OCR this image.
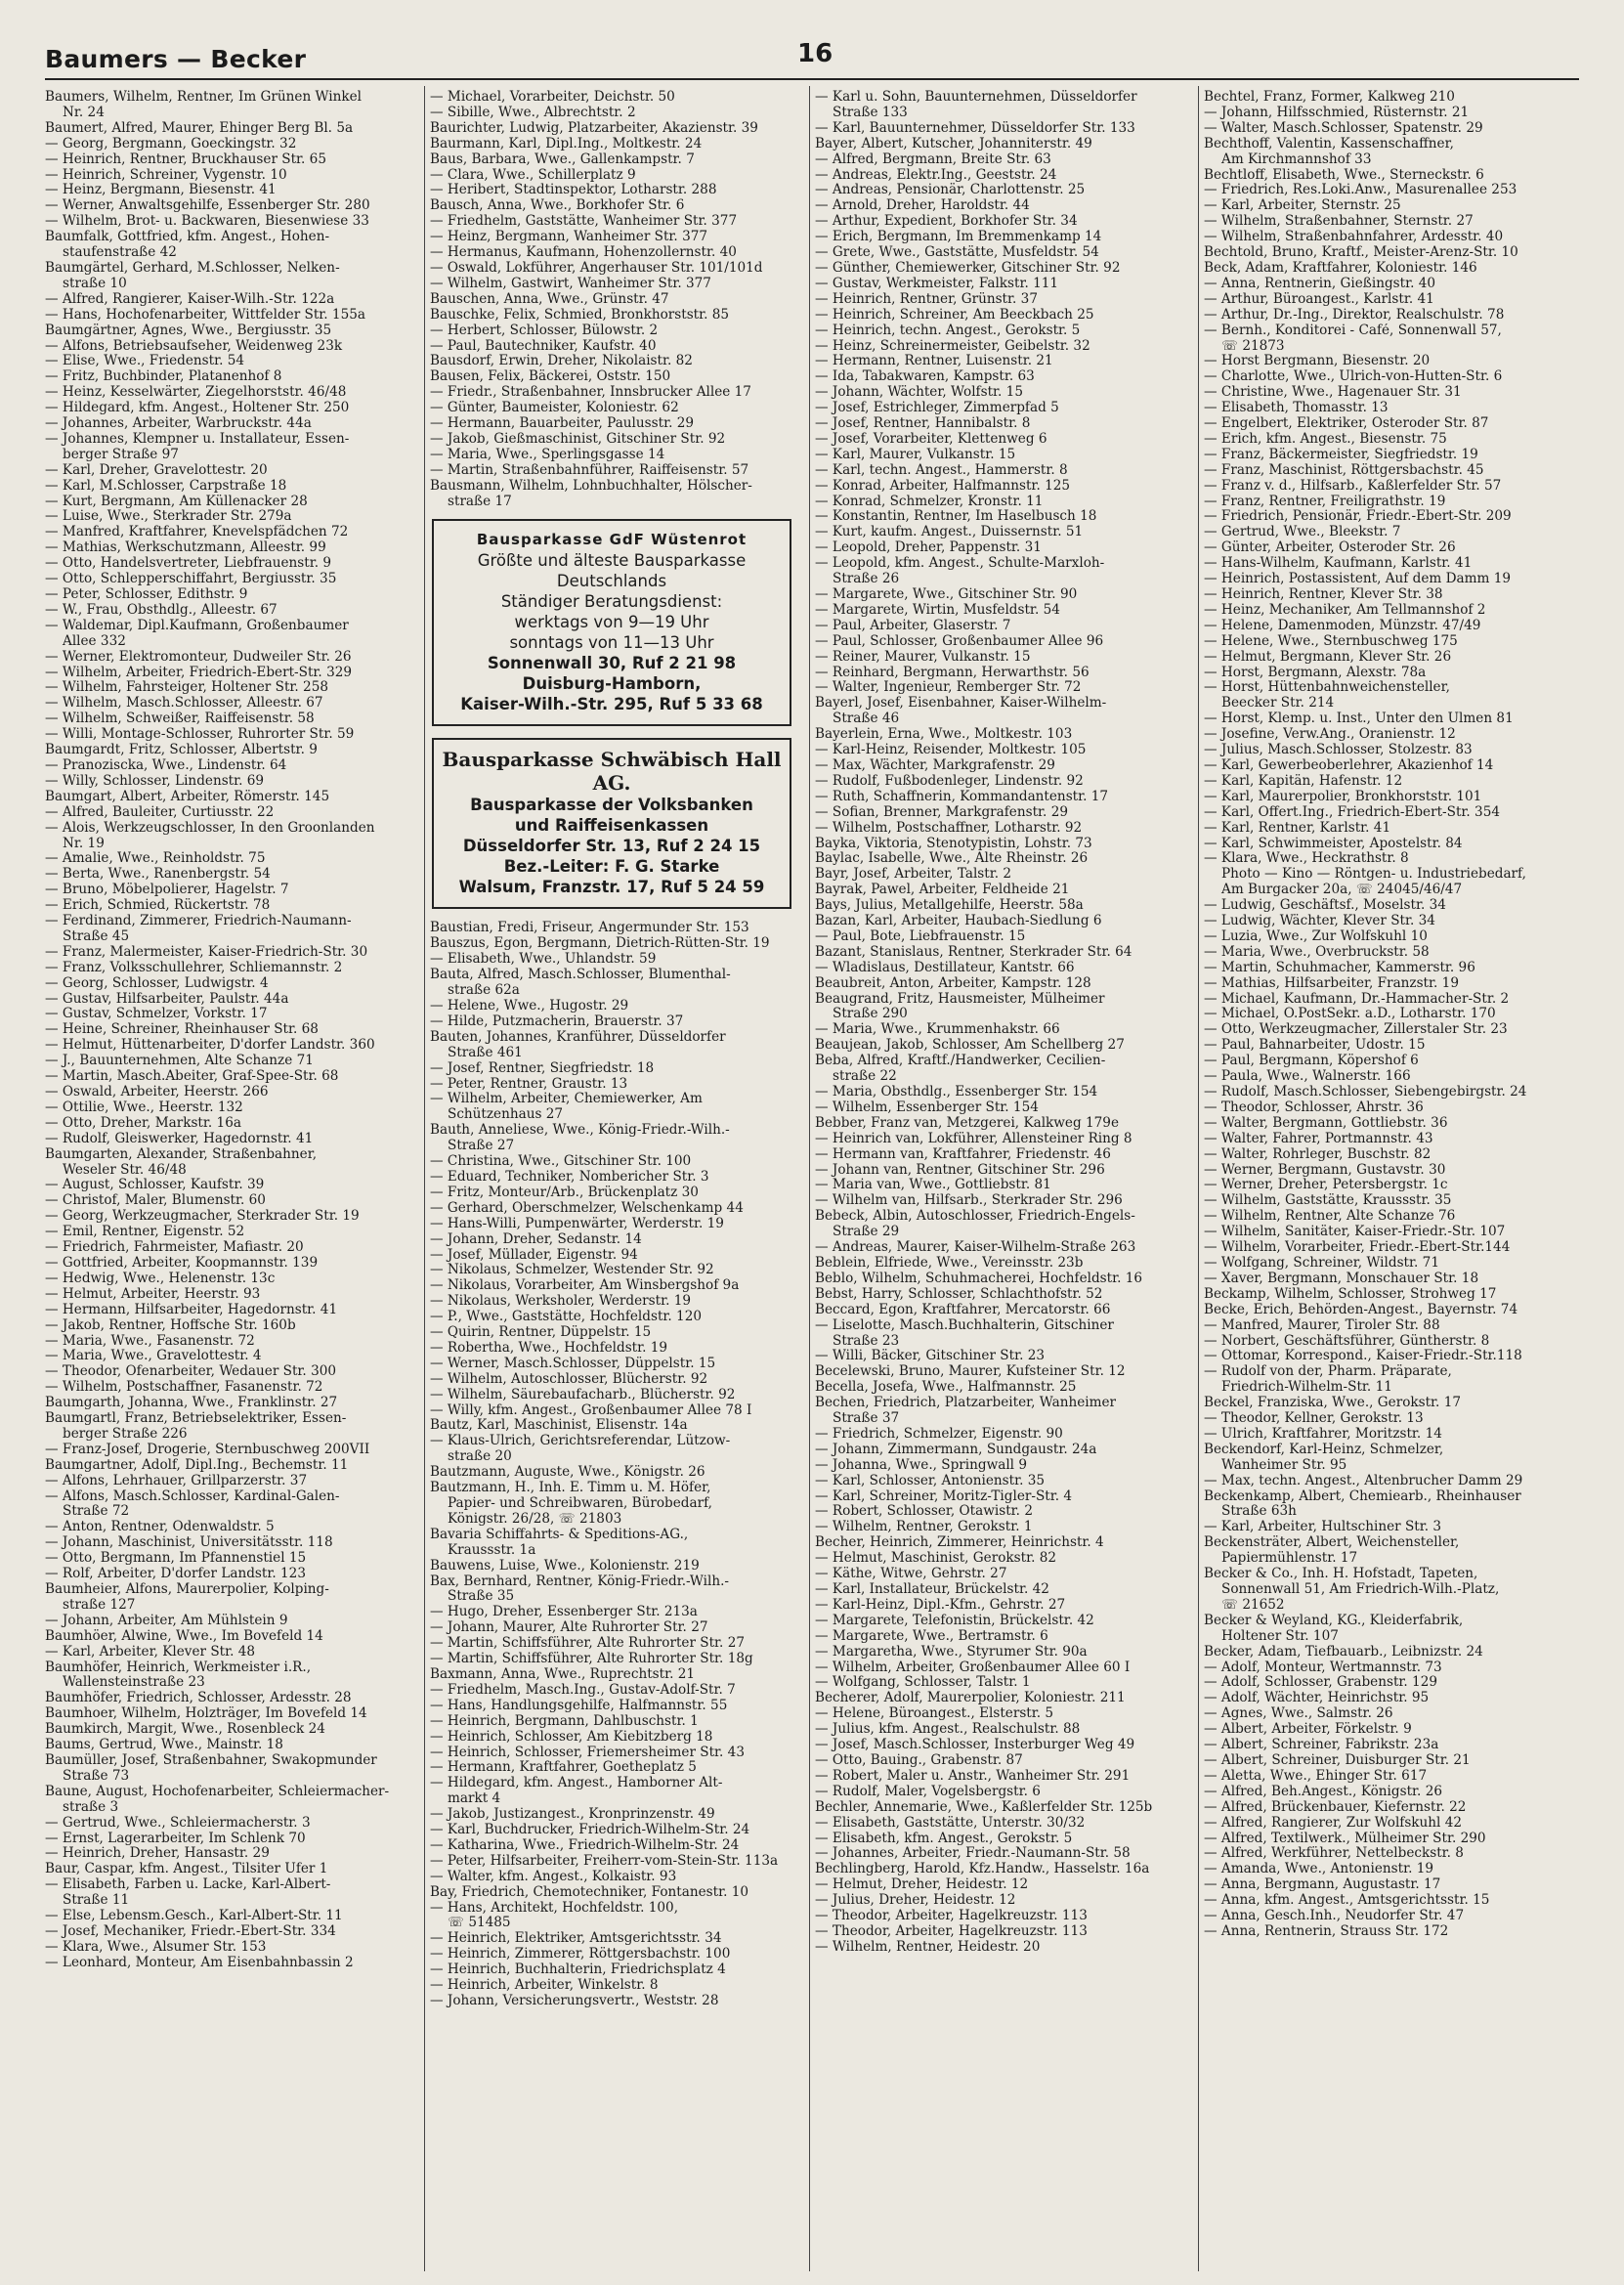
Baumers — Becker	16
Baumers, Wilhelm, Rentner, Im Grünen Winkel
Nr. 24
Baumert, Alfred, Maurer, Ehinger Berg Bl. 5a
— Georg, Bergmann, Goeckingstr. 32
— Heinrich, Rentner, Bruckhauser Str. 65
— Heinrich, Schreiner, Vygenstr. 10
— Heinz, Bergmann, Biesenstr. 41
— Werner, Anwaltsgehilfe, Essenberger Str. 280
— Wilhelm, Brot- u. Backwaren, Biesenwiese 33
Baumfalk, Gottfried, kfm. Angest., Hohen-
staufenstraße 42
Baumgärtel, Gerhard, M.Schlosser, Nelken-
straße 10
— Alfred, Rangierer, Kaiser-Wilh.-Str. 122a
— Hans, Hochofenarbeiter, Wittfelder Str. 155a
Baumgärtner, Agnes, Wwe., Bergiusstr. 35
— Alfons, Betriebsaufseher, Weidenweg 23k
— Elise, Wwe., Friedenstr. 54
— Fritz, Buchbinder, Platanenhof 8
— Heinz, Kesselwärter, Ziegelhorststr. 46/48
— Hildegard, kfm. Angest., Holtener Str. 250
— Johannes, Arbeiter, Warbruckstr. 44a
— Johannes, Klempner u. Installateur, Essen-
berger Straße 97
— Karl, Dreher, Gravelottestr. 20
— Karl, M.Schlosser, Carpstraße 18
— Kurt, Bergmann, Am Küllenacker 28
— Luise, Wwe., Sterkrader Str. 279a
— Manfred, Kraftfahrer, Knevelspfädchen 72
— Mathias, Werkschutzmann, Alleestr. 99
— Otto, Handelsvertreter, Liebfrauenstr. 9
— Otto, Schlepperschiffahrt, Bergiusstr. 35
— Peter, Schlosser, Edithstr. 9
— W., Frau, Obsthdlg., Alleestr. 67
— Waldemar, Dipl.Kaufmann, Großenbaumer
Allee 332
— Werner, Elektromonteur, Dudweiler Str. 26
— Wilhelm, Arbeiter, Friedrich-Ebert-Str. 329
— Wilhelm, Fahrsteiger, Holtener Str. 258
— Wilhelm, Masch.Schlosser, Alleestr. 67
— Wilhelm, Schweißer, Raiffeisenstr. 58
— Willi, Montage-Schlosser, Ruhrorter Str. 59
Baumgardt, Fritz, Schlosser, Albertstr. 9
— Pranoziscka, Wwe., Lindenstr. 64
— Willy, Schlosser, Lindenstr. 69
Baumgart, Albert, Arbeiter, Römerstr. 145
— Alfred, Bauleiter, Curtiusstr. 22
— Alois, Werkzeugschlosser, In den Groonlanden
Nr. 19
— Amalie, Wwe., Reinholdstr. 75
— Berta, Wwe., Ranenbergstr. 54
— Bruno, Möbelpolierer, Hagelstr. 7
— Erich, Schmied, Rückertstr. 78
— Ferdinand, Zimmerer, Friedrich-Naumann-
Straße 45
— Franz, Malermeister, Kaiser-Friedrich-Str. 30
— Franz, Volksschullehrer, Schliemannstr. 2
— Georg, Schlosser, Ludwigstr. 4
— Gustav, Hilfsarbeiter, Paulstr. 44a
— Gustav, Schmelzer, Vorkstr. 17
— Heine, Schreiner, Rheinhauser Str. 68
— Helmut, Hüttenarbeiter, D'dorfer Landstr. 360
— J., Bauunternehmen, Alte Schanze 71
— Martin, Masch.Abeiter, Graf-Spee-Str. 68
— Oswald, Arbeiter, Heerstr. 266
— Ottilie, Wwe., Heerstr. 132
— Otto, Dreher, Markstr. 16a
— Rudolf, Gleiswerker, Hagedornstr. 41
Baumgarten, Alexander, Straßenbahner,
Weseler Str. 46/48
— August, Schlosser, Kaufstr. 39
— Christof, Maler, Blumenstr. 60
— Georg, Werkzeugmacher, Sterkrader Str. 19
— Emil, Rentner, Eigenstr. 52
— Friedrich, Fahrmeister, Mafiastr. 20
— Gottfried, Arbeiter, Koopmannstr. 139
— Hedwig, Wwe., Helenenstr. 13c
— Helmut, Arbeiter, Heerstr. 93
— Hermann, Hilfsarbeiter, Hagedornstr. 41
— Jakob, Rentner, Hoffsche Str. 160b
— Maria, Wwe., Fasanenstr. 72
— Maria, Wwe., Gravelottestr. 4
— Theodor, Ofenarbeiter, Wedauer Str. 300
— Wilhelm, Postschaffner, Fasanenstr. 72
Baumgarth, Johanna, Wwe., Franklinstr. 27
Baumgartl, Franz, Betriebselektriker, Essen-
berger Straße 226
— Franz-Josef, Drogerie, Sternbuschweg 200VII
Baumgartner, Adolf, Dipl.Ing., Bechemstr. 11
— Alfons, Lehrhauer, Grillparzerstr. 37
— Alfons, Masch.Schlosser, Kardinal-Galen-
Straße 72
— Anton, Rentner, Odenwaldstr. 5
— Johann, Maschinist, Universitätsstr. 118
— Otto, Bergmann, Im Pfannenstiel 15
— Rolf, Arbeiter, D'dorfer Landstr. 123
Baumheier, Alfons, Maurerpolier, Kolping-
straße 127
— Johann, Arbeiter, Am Mühlstein 9
Baumhöer, Alwine, Wwe., Im Bovefeld 14
— Karl, Arbeiter, Klever Str. 48
Baumhöfer, Heinrich, Werkmeister i.R.,
Wallensteinstraße 23
Baumhöfer, Friedrich, Schlosser, Ardesstr. 28
Baumhoer, Wilhelm, Holzträger, Im Bovefeld 14
Baumkirch, Margit, Wwe., Rosenbleck 24
Baums, Gertrud, Wwe., Mainstr. 18
Baumüller, Josef, Straßenbahner, Swakopmunder
Straße 73
Baune, August, Hochofenarbeiter, Schleiermacher-
straße 3
— Gertrud, Wwe., Schleiermacherstr. 3
— Ernst, Lagerarbeiter, Im Schlenk 70
— Heinrich, Dreher, Hansastr. 29
Baur, Caspar, kfm. Angest., Tilsiter Ufer 1
— Elisabeth, Farben u. Lacke, Karl-Albert-
Straße 11
— Else, Lebensm.Gesch., Karl-Albert-Str. 11
— Josef, Mechaniker, Friedr.-Ebert-Str. 334
— Klara, Wwe., Alsumer Str. 153
— Leonhard, Monteur, Am Eisenbahnbassin 2
— Michael, Vorarbeiter, Deichstr. 50
— Sibille, Wwe., Albrechtstr. 2
Baurichter, Ludwig, Platzarbeiter, Akazienstr. 39
Baurmann, Karl, Dipl.Ing., Moltkestr. 24
Baus, Barbara, Wwe., Gallenkampstr. 7
— Clara, Wwe., Schillerplatz 9
— Heribert, Stadtinspektor, Lotharstr. 288
Bausch, Anna, Wwe., Borkhofer Str. 6
— Friedhelm, Gaststätte, Wanheimer Str. 377
— Heinz, Bergmann, Wanheimer Str. 377
— Hermanus, Kaufmann, Hohenzollernstr. 40
— Oswald, Lokführer, Angerhauser Str. 101/101d
— Wilhelm, Gastwirt, Wanheimer Str. 377
Bauschen, Anna, Wwe., Grünstr. 47
Bauschke, Felix, Schmied, Bronkhorststr. 85
— Herbert, Schlosser, Bülowstr. 2
— Paul, Bautechniker, Kaufstr. 40
Bausdorf, Erwin, Dreher, Nikolaistr. 82
Bausen, Felix, Bäckerei, Oststr. 150
— Friedr., Straßenbahner, Innsbrucker Allee 17
— Günter, Baumeister, Koloniestr. 62
— Hermann, Bauarbeiter, Paulusstr. 29
— Jakob, Gießmaschinist, Gitschiner Str. 92
— Maria, Wwe., Sperlingsgasse 14
— Martin, Straßenbahnführer, Raiffeisenstr. 57
Bausmann, Wilhelm, Lohnbuchhalter, Hölscher-
straße 17
Bausparkasse GdF Wüstenrot
Größte und älteste Bausparkasse
Deutschlands
Ständiger Beratungsdienst:
werktags von 9—19 Uhr
sonntags von 11—13 Uhr
Sonnenwall 30, Ruf 2 21 98
Duisburg-Hamborn,
Kaiser-Wilh.-Str. 295, Ruf 5 33 68
Bausparkasse Schwäbisch Hall AG.
Bausparkasse der Volksbanken
und Raiffeisenkassen
Düsseldorfer Str. 13, Ruf 2 24 15
Bez.-Leiter: F. G. Starke
Walsum, Franzstr. 17, Ruf 5 24 59
Baustian, Fredi, Friseur, Angermunder Str. 153
Bauszus, Egon, Bergmann, Dietrich-Rütten-Str. 19
— Elisabeth, Wwe., Uhlandstr. 59
Bauta, Alfred, Masch.Schlosser, Blumenthal-
straße 62a
— Helene, Wwe., Hugostr. 29
— Hilde, Putzmacherin, Brauerstr. 37
Bauten, Johannes, Kranführer, Düsseldorfer
Straße 461
— Josef, Rentner, Siegfriedstr. 18
— Peter, Rentner, Graustr. 13
— Wilhelm, Arbeiter, Chemiewerker, Am
Schützenhaus 27
Bauth, Anneliese, Wwe., König-Friedr.-Wilh.-
Straße 27
— Christina, Wwe., Gitschiner Str. 100
— Eduard, Techniker, Nombericher Str. 3
— Fritz, Monteur/Arb., Brückenplatz 30
— Gerhard, Oberschmelzer, Welschenkamp 44
— Hans-Willi, Pumpenwärter, Werderstr. 19
— Johann, Dreher, Sedanstr. 14
— Josef, Müllader, Eigenstr. 94
— Nikolaus, Schmelzer, Westender Str. 92
— Nikolaus, Vorarbeiter, Am Winsbergshof 9a
— Nikolaus, Werksholer, Werderstr. 19
— P., Wwe., Gaststätte, Hochfeldstr. 120
— Quirin, Rentner, Düppelstr. 15
— Robertha, Wwe., Hochfeldstr. 19
— Werner, Masch.Schlosser, Düppelstr. 15
— Wilhelm, Autoschlosser, Blücherstr. 92
— Wilhelm, Säurebaufacharb., Blücherstr. 92
— Willy, kfm. Angest., Großenbaumer Allee 78 I
Bautz, Karl, Maschinist, Elisenstr. 14a
— Klaus-Ulrich, Gerichtsreferendar, Lützow-
straße 20
Bautzmann, Auguste, Wwe., Königstr. 26
Bautzmann, H., Inh. E. Timm u. M. Höfer,
Papier- und Schreibwaren, Bürobedarf,
Königstr. 26/28, ☏ 21803
Bavaria Schiffahrts- & Speditions-AG.,
Kraussstr. 1a
Bauwens, Luise, Wwe., Kolonienstr. 219
Bax, Bernhard, Rentner, König-Friedr.-Wilh.-
Straße 35
— Hugo, Dreher, Essenberger Str. 213a
— Johann, Maurer, Alte Ruhrorter Str. 27
— Martin, Schiffsführer, Alte Ruhrorter Str. 27
— Martin, Schiffsführer, Alte Ruhrorter Str. 18g
Baxmann, Anna, Wwe., Ruprechtstr. 21
— Friedhelm, Masch.Ing., Gustav-Adolf-Str. 7
— Hans, Handlungsgehilfe, Halfmannstr. 55
— Heinrich, Bergmann, Dahlbuschstr. 1
— Heinrich, Schlosser, Am Kiebitzberg 18
— Heinrich, Schlosser, Friemersheimer Str. 43
— Hermann, Kraftfahrer, Goetheplatz 5
— Hildegard, kfm. Angest., Hamborner Alt-
markt 4
— Jakob, Justizangest., Kronprinzenstr. 49
— Karl, Buchdrucker, Friedrich-Wilhelm-Str. 24
— Katharina, Wwe., Friedrich-Wilhelm-Str. 24
— Peter, Hilfsarbeiter, Freiherr-vom-Stein-Str. 113a
— Walter, kfm. Angest., Kolkaistr. 93
Bay, Friedrich, Chemotechniker, Fontanestr. 10
— Hans, Architekt, Hochfeldstr. 100,
☏ 51485
— Heinrich, Elektriker, Amtsgerichtsstr. 34
— Heinrich, Zimmerer, Röttgersbachstr. 100
— Heinrich, Buchhalterin, Friedrichsplatz 4
— Heinrich, Arbeiter, Winkelstr. 8
— Johann, Versicherungsvertr., Weststr. 28
— Karl u. Sohn, Bauunternehmen, Düsseldorfer
Straße 133
— Karl, Bauunternehmer, Düsseldorfer Str. 133
Bayer, Albert, Kutscher, Johanniterstr. 49
— Alfred, Bergmann, Breite Str. 63
— Andreas, Elektr.Ing., Geeststr. 24
— Andreas, Pensionär, Charlottenstr. 25
— Arnold, Dreher, Haroldstr. 44
— Arthur, Expedient, Borkhofer Str. 34
— Erich, Bergmann, Im Bremmenkamp 14
— Grete, Wwe., Gaststätte, Musfeldstr. 54
— Günther, Chemiewerker, Gitschiner Str. 92
— Gustav, Werkmeister, Falkstr. 111
— Heinrich, Rentner, Grünstr. 37
— Heinrich, Schreiner, Am Beeckbach 25
— Heinrich, techn. Angest., Gerokstr. 5
— Heinz, Schreinermeister, Geibelstr. 32
— Hermann, Rentner, Luisenstr. 21
— Ida, Tabakwaren, Kampstr. 63
— Johann, Wächter, Wolfstr. 15
— Josef, Estrichleger, Zimmerpfad 5
— Josef, Rentner, Hannibalstr. 8
— Josef, Vorarbeiter, Klettenweg 6
— Karl, Maurer, Vulkanstr. 15
— Karl, techn. Angest., Hammerstr. 8
— Konrad, Arbeiter, Halfmannstr. 125
— Konrad, Schmelzer, Kronstr. 11
— Konstantin, Rentner, Im Haselbusch 18
— Kurt, kaufm. Angest., Duissernstr. 51
— Leopold, Dreher, Pappenstr. 31
— Leopold, kfm. Angest., Schulte-Marxloh-
Straße 26
— Margarete, Wwe., Gitschiner Str. 90
— Margarete, Wirtin, Musfeldstr. 54
— Paul, Arbeiter, Glaserstr. 7
— Paul, Schlosser, Großenbaumer Allee 96
— Reiner, Maurer, Vulkanstr. 15
— Reinhard, Bergmann, Herwarthstr. 56
— Walter, Ingenieur, Remberger Str. 72
Bayerl, Josef, Eisenbahner, Kaiser-Wilhelm-
Straße 46
Bayerlein, Erna, Wwe., Moltkestr. 103
— Karl-Heinz, Reisender, Moltkestr. 105
— Max, Wächter, Markgrafenstr. 29
— Rudolf, Fußbodenleger, Lindenstr. 92
— Ruth, Schaffnerin, Kommandantenstr. 17
— Sofian, Brenner, Markgrafenstr. 29
— Wilhelm, Postschaffner, Lotharstr. 92
Bayka, Viktoria, Stenotypistin, Lohstr. 73
Baylac, Isabelle, Wwe., Alte Rheinstr. 26
Bayr, Josef, Arbeiter, Talstr. 2
Bayrak, Pawel, Arbeiter, Feldheide 21
Bays, Julius, Metallgehilfe, Heerstr. 58a
Bazan, Karl, Arbeiter, Haubach-Siedlung 6
— Paul, Bote, Liebfrauenstr. 15
Bazant, Stanislaus, Rentner, Sterkrader Str. 64
— Wladislaus, Destillateur, Kantstr. 66
Beaubreit, Anton, Arbeiter, Kampstr. 128
Beaugrand, Fritz, Hausmeister, Mülheimer
Straße 290
— Maria, Wwe., Krummenhakstr. 66
Beaujean, Jakob, Schlosser, Am Schellberg 27
Beba, Alfred, Kraftf./Handwerker, Cecilien-
straße 22
— Maria, Obsthdlg., Essenberger Str. 154
— Wilhelm, Essenberger Str. 154
Bebber, Franz van, Metzgerei, Kalkweg 179e
— Heinrich van, Lokführer, Allensteiner Ring 8
— Hermann van, Kraftfahrer, Friedenstr. 46
— Johann van, Rentner, Gitschiner Str. 296
— Maria van, Wwe., Gottliebstr. 81
— Wilhelm van, Hilfsarb., Sterkrader Str. 296
Bebeck, Albin, Autoschlosser, Friedrich-Engels-
Straße 29
— Andreas, Maurer, Kaiser-Wilhelm-Straße 263
Beblein, Elfriede, Wwe., Vereinsstr. 23b
Beblo, Wilhelm, Schuhmacherei, Hochfeldstr. 16
Bebst, Harry, Schlosser, Schlachthofstr. 52
Beccard, Egon, Kraftfahrer, Mercatorstr. 66
— Liselotte, Masch.Buchhalterin, Gitschiner
Straße 23
— Willi, Bäcker, Gitschiner Str. 23
Becelewski, Bruno, Maurer, Kufsteiner Str. 12
Becella, Josefa, Wwe., Halfmannstr. 25
Bechen, Friedrich, Platzarbeiter, Wanheimer
Straße 37
— Friedrich, Schmelzer, Eigenstr. 90
— Johann, Zimmermann, Sundgaustr. 24a
— Johanna, Wwe., Springwall 9
— Karl, Schlosser, Antonienstr. 35
— Karl, Schreiner, Moritz-Tigler-Str. 4
— Robert, Schlosser, Otawistr. 2
— Wilhelm, Rentner, Gerokstr. 1
Becher, Heinrich, Zimmerer, Heinrichstr. 4
— Helmut, Maschinist, Gerokstr. 82
— Käthe, Witwe, Gehrstr. 27
— Karl, Installateur, Brückelstr. 42
— Karl-Heinz, Dipl.-Kfm., Gehrstr. 27
— Margarete, Telefonistin, Brückelstr. 42
— Margarete, Wwe., Bertramstr. 6
— Margaretha, Wwe., Styrumer Str. 90a
— Wilhelm, Arbeiter, Großenbaumer Allee 60 I
— Wolfgang, Schlosser, Talstr. 1
Becherer, Adolf, Maurerpolier, Koloniestr. 211
— Helene, Büroangest., Elsterstr. 5
— Julius, kfm. Angest., Realschulstr. 88
— Josef, Masch.Schlosser, Insterburger Weg 49
— Otto, Bauing., Grabenstr. 87
— Robert, Maler u. Anstr., Wanheimer Str. 291
— Rudolf, Maler, Vogelsbergstr. 6
Bechler, Annemarie, Wwe., Kaßlerfelder Str. 125b
— Elisabeth, Gaststätte, Unterstr. 30/32
— Elisabeth, kfm. Angest., Gerokstr. 5
— Johannes, Arbeiter, Friedr.-Naumann-Str. 58
Bechlingberg, Harold, Kfz.Handw., Hasselstr. 16a
— Helmut, Dreher, Heidestr. 12
— Julius, Dreher, Heidestr. 12
— Theodor, Arbeiter, Hagelkreuzstr. 113
— Theodor, Arbeiter, Hagelkreuzstr. 113
— Wilhelm, Rentner, Heidestr. 20
Bechtel, Franz, Former, Kalkweg 210
— Johann, Hilfsschmied, Rüsternstr. 21
— Walter, Masch.Schlosser, Spatenstr. 29
Bechthoff, Valentin, Kassenschaffner,
Am Kirchmannshof 33
Bechtloff, Elisabeth, Wwe., Sterneckstr. 6
— Friedrich, Res.Loki.Anw., Masurenallee 253
— Karl, Arbeiter, Sternstr. 25
— Wilhelm, Straßenbahner, Sternstr. 27
— Wilhelm, Straßenbahnfahrer, Ardesstr. 40
Bechtold, Bruno, Kraftf., Meister-Arenz-Str. 10
Beck, Adam, Kraftfahrer, Koloniestr. 146
— Anna, Rentnerin, Gießingstr. 40
— Arthur, Büroangest., Karlstr. 41
— Arthur, Dr.-Ing., Direktor, Realschulstr. 78
— Bernh., Konditorei - Café, Sonnenwall 57,
☏ 21873
— Horst Bergmann, Biesenstr. 20
— Charlotte, Wwe., Ulrich-von-Hutten-Str. 6
— Christine, Wwe., Hagenauer Str. 31
— Elisabeth, Thomasstr. 13
— Engelbert, Elektriker, Osteroder Str. 87
— Erich, kfm. Angest., Biesenstr. 75
— Franz, Bäckermeister, Siegfriedstr. 19
— Franz, Maschinist, Röttgersbachstr. 45
— Franz v. d., Hilfsarb., Kaßlerfelder Str. 57
— Franz, Rentner, Freiligrathstr. 19
— Friedrich, Pensionär, Friedr.-Ebert-Str. 209
— Gertrud, Wwe., Bleekstr. 7
— Günter, Arbeiter, Osteroder Str. 26
— Hans-Wilhelm, Kaufmann, Karlstr. 41
— Heinrich, Postassistent, Auf dem Damm 19
— Heinrich, Rentner, Klever Str. 38
— Heinz, Mechaniker, Am Tellmannshof 2
— Helene, Damenmoden, Münzstr. 47/49
— Helene, Wwe., Sternbuschweg 175
— Helmut, Bergmann, Klever Str. 26
— Horst, Bergmann, Alexstr. 78a
— Horst, Hüttenbahnweichensteller,
Beecker Str. 214
— Horst, Klemp. u. Inst., Unter den Ulmen 81
— Josefine, Verw.Ang., Oranienstr. 12
— Julius, Masch.Schlosser, Stolzestr. 83
— Karl, Gewerbeoberlehrer, Akazienhof 14
— Karl, Kapitän, Hafenstr. 12
— Karl, Maurerpolier, Bronkhorststr. 101
— Karl, Offert.Ing., Friedrich-Ebert-Str. 354
— Karl, Rentner, Karlstr. 41
— Karl, Schwimmeister, Apostelstr. 84
— Klara, Wwe., Heckrathstr. 8
Photo — Kino — Röntgen- u. Industriebedarf,
Am Burgacker 20a, ☏ 24045/46/47
— Ludwig, Geschäftsf., Moselstr. 34
— Ludwig, Wächter, Klever Str. 34
— Luzia, Wwe., Zur Wolfskuhl 10
— Maria, Wwe., Overbruckstr. 58
— Martin, Schuhmacher, Kammerstr. 96
— Mathias, Hilfsarbeiter, Franzstr. 19
— Michael, Kaufmann, Dr.-Hammacher-Str. 2
— Michael, O.PostSekr. a.D., Lotharstr. 170
— Otto, Werkzeugmacher, Zillerstaler Str. 23
— Paul, Bahnarbeiter, Udostr. 15
— Paul, Bergmann, Köpershof 6
— Paula, Wwe., Walnerstr. 166
— Rudolf, Masch.Schlosser, Siebengebirgstr. 24
— Theodor, Schlosser, Ahrstr. 36
— Walter, Bergmann, Gottliebstr. 36
— Walter, Fahrer, Portmannstr. 43
— Walter, Rohrleger, Buschstr. 82
— Werner, Bergmann, Gustavstr. 30
— Werner, Dreher, Petersbergstr. 1c
— Wilhelm, Gaststätte, Kraussstr. 35
— Wilhelm, Rentner, Alte Schanze 76
— Wilhelm, Sanitäter, Kaiser-Friedr.-Str. 107
— Wilhelm, Vorarbeiter, Friedr.-Ebert-Str.144
— Wolfgang, Schreiner, Wildstr. 71
— Xaver, Bergmann, Monschauer Str. 18
Beckamp, Wilhelm, Schlosser, Strohweg 17
Becke, Erich, Behörden-Angest., Bayernstr. 74
— Manfred, Maurer, Tiroler Str. 88
— Norbert, Geschäftsführer, Güntherstr. 8
— Ottomar, Korrespond., Kaiser-Friedr.-Str.118
— Rudolf von der, Pharm. Präparate,
Friedrich-Wilhelm-Str. 11
Beckel, Franziska, Wwe., Gerokstr. 17
— Theodor, Kellner, Gerokstr. 13
— Ulrich, Kraftfahrer, Moritzstr. 14
Beckendorf, Karl-Heinz, Schmelzer,
Wanheimer Str. 95
— Max, techn. Angest., Altenbrucher Damm 29
Beckenkamp, Albert, Chemiearb., Rheinhauser
Straße 63h
— Karl, Arbeiter, Hultschiner Str. 3
Beckensträter, Albert, Weichensteller,
Papiermühlenstr. 17
Becker & Co., Inh. H. Hofstadt, Tapeten,
Sonnenwall 51, Am Friedrich-Wilh.-Platz,
☏ 21652
Becker & Weyland, KG., Kleiderfabrik,
Holtener Str. 107
Becker, Adam, Tiefbauarb., Leibnizstr. 24
— Adolf, Monteur, Wertmannstr. 73
— Adolf, Schlosser, Grabenstr. 129
— Adolf, Wächter, Heinrichstr. 95
— Agnes, Wwe., Salmstr. 26
— Albert, Arbeiter, Förkelstr. 9
— Albert, Schreiner, Fabrikstr. 23a
— Albert, Schreiner, Duisburger Str. 21
— Aletta, Wwe., Ehinger Str. 617
— Alfred, Beh.Angest., Königstr. 26
— Alfred, Brückenbauer, Kiefernstr. 22
— Alfred, Rangierer, Zur Wolfskuhl 42
— Alfred, Textilwerk., Mülheimer Str. 290
— Alfred, Werkführer, Nettelbeckstr. 8
— Amanda, Wwe., Antonienstr. 19
— Anna, Bergmann, Augustastr. 17
— Anna, kfm. Angest., Amtsgerichtsstr. 15
— Anna, Gesch.Inh., Neudorfer Str. 47
— Anna, Rentnerin, Strauss Str. 172
